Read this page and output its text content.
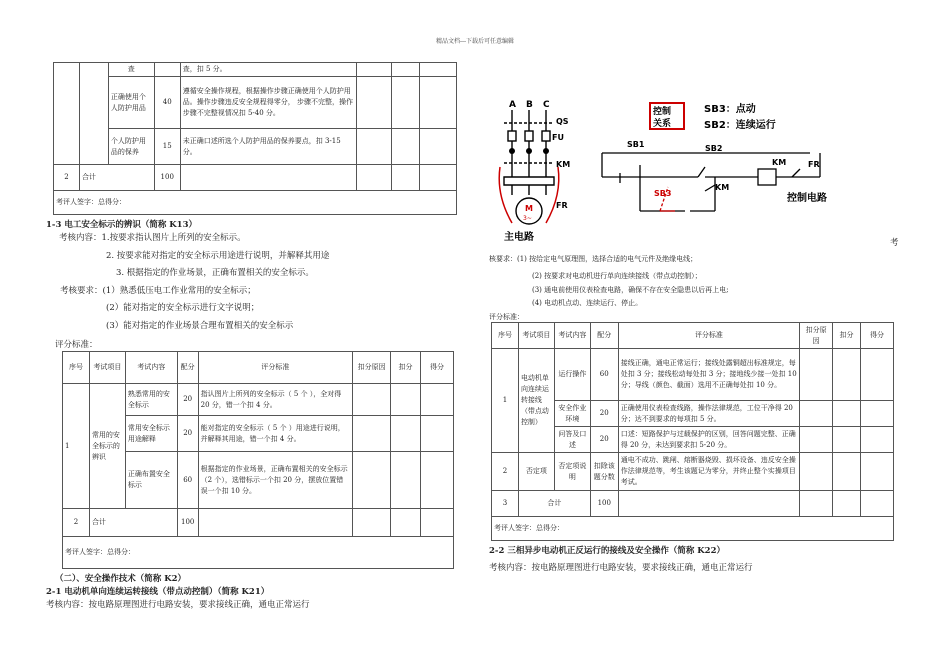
精品文档---下载后可任意编辑
		查		查，扣 5 分。			
		正确使用个人防护用品	40	遵循安全操作规程，根据操作步骤正确使用个人防护用品。操作步骤违反安全规程得零分， 步骤不完整，操作步骤不完整视情况扣 5-40 分。			
		个人防护用品的保养	15	未正确口述所选个人防护用品的保养要点，扣 3-15 分。			
2	合计		100				
考评人签字：总得分：							
1-3 电工安全标示的辨识（简称 K13）
考核内容：1.按要求指认图片上所列的安全标示。
2. 按要求能对指定的安全标示用途进行说明，并解释其用途
3. 根据指定的作业场景，正确布置相关的安全标示。
考核要求：(1）熟悉低压电工作业常用的安全标示；
(2）能对指定的安全标示进行文字说明；
(3）能对指定的作业场景合理布置相关的安全标示
评分标准：
序号	考试项目	考试内容	配分	评分标准	扣分原因	扣分	得分
1	常用的安全标示的辨识	熟悉常用的安全标示	20	指认图片上所列的安全标示（ 5 个 ），全对得 20 分，错一个扣 4 分。			
		常用安全标示用途解释	20	能对指定的安全标示（ 5 个 ）用途进行说明，并解释其用途，错一个扣 4 分。			
		正确布置安全标示	60	根据指定的作业场景，正确布置相关的安全标示（2 个），选错标示一个扣 20 分，摆放位置错误一个扣 10 分。			
2	合计		100				
考评人签字：总得分：							
（二）、安全操作技术（简称 K2）
2-1 电动机单向连续运转接线（带点动控制）（简称 K21）
考核内容：按电路原理图进行电路安装，要求接线正确，通电正常运行
A B C
QS
FU
KM
FR
M
3~
主电路
控制
关系
SB3：点动
SB2：连续运行
SB1	SB2
SB3
KM	FR
KM
控制电路
考
核要求：(1) 按给定电气原理图，选择合适的电气元件及绝缘电线；
(2) 按要求对电动机进行单向连续接线（带点动控制）；
(3) 通电前使用仪表检查电路，确保不存在安全隐患以后再上电;
(4) 电动机点动、连续运行、停止。
评分标准：
序号	考试项目	考试内容	配分	评分标准	扣分原因	扣分	得分
1	电动机单向连续运转接线（带点动控制）	运行操作	60	接线正确，通电正常运行；接线处露铜超出标准规定，每处扣 3 分；接线松动每处扣 3 分；接地线少接一处扣 10 分；导线（颜色、截面）选用不正确每处扣 10 分。			
		安全作业环境	20	正确使用仪表检查线路，操作法律规范，工位干净得 20 分；达不到要求的每项扣 5 分。			
		问答及口述	20	口述：短路保护与过载保护的区别，回答问题完整、正确得 20 分，未达到要求扣 5-20 分。			
2	否定项	否定项说明	扣除该题分数	通电不成功、跳闸、熔断器烧毁、损坏设备、违反安全操作法律规范等，考生该题记为零分，并终止整个实操项目考试。			
3	合计		100				
考评人签字：总得分：							
2-2 三相异步电动机正反运行的接线及安全操作（简称 K22）
考核内容：按电路原理图进行电路安装，要求接线正确，通电正常运行
